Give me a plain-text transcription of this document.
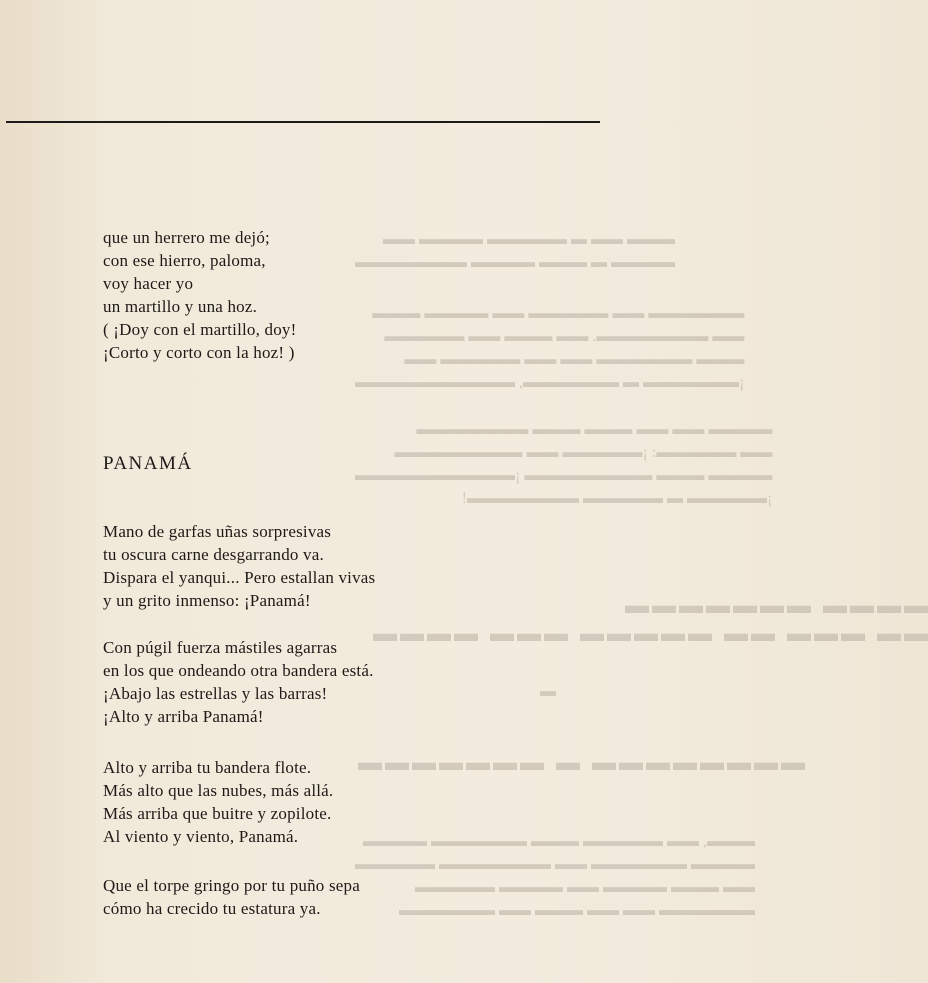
▬▬▬ ▬▬ ▬ ▬▬▬▬▬ ▬▬▬▬ ▬▬
▬▬▬▬ ▬ ▬▬▬ ▬▬▬▬ ▬▬▬▬▬▬▬
▬▬▬▬▬▬ ▬▬ ▬▬▬▬▬ ▬▬ ▬▬▬▬ ▬▬▬
▬▬ ▬▬▬▬▬▬▬. ▬▬ ▬▬▬ ▬▬ ▬▬▬▬▬
▬▬▬ ▬▬▬▬▬▬ ▬▬ ▬▬ ▬▬▬▬▬ ▬▬
¡▬▬▬▬▬▬ ▬ ▬▬▬▬▬▬, ▬▬▬▬▬▬▬▬▬▬
▬▬▬▬ ▬▬ ▬▬ ▬▬▬ ▬▬▬ ▬▬▬▬▬▬▬
▬▬ ▬▬▬▬▬: ¡▬▬▬▬▬ ▬▬ ▬▬▬▬▬▬▬▬
▬▬▬▬ ▬▬▬ ▬▬▬▬▬▬▬▬ ¡▬▬▬▬▬▬▬▬▬▬
¡▬▬▬▬▬ ▬ ▬▬▬▬▬ ▬▬▬▬▬▬▬!
▬▬▬▬ ▬▬▬▬▬▬▬
▬▬ ▬▬▬ ▬▬ ▬▬▬▬▬ ▬▬▬ ▬▬▬▬
▬
▬▬▬▬▬▬▬▬ ▬ ▬▬▬▬▬▬▬
▬▬▬, ▬▬ ▬▬▬▬▬ ▬▬▬ ▬▬▬▬▬▬ ▬▬▬▬
▬▬▬▬ ▬▬▬▬▬▬ ▬▬ ▬▬▬▬▬▬▬ ▬▬▬▬▬
▬▬ ▬▬▬ ▬▬▬▬ ▬▬ ▬▬▬▬ ▬▬▬▬▬
▬▬▬▬▬▬ ▬▬ ▬▬ ▬▬▬ ▬▬ ▬▬▬▬▬▬
que un herrero me dejó;
con ese hierro, paloma,
voy hacer yo
un martillo y una hoz.
( ¡Doy con el martillo, doy!
¡Corto y corto con la hoz! )
PANAMÁ
Mano de garfas uñas sorpresivas
tu oscura carne desgarrando va.
Dispara el yanqui... Pero estallan vivas
y un grito inmenso: ¡Panamá!
Con púgil fuerza mástiles agarras
en los que ondeando otra bandera está.
¡Abajo las estrellas y las barras!
¡Alto y arriba Panamá!
Alto y arriba tu bandera flote.
Más alto que las nubes, más allá.
Más arriba que buitre y zopilote.
Al viento y viento, Panamá.
Que el torpe gringo por tu puño sepa
cómo ha crecido tu estatura ya.
